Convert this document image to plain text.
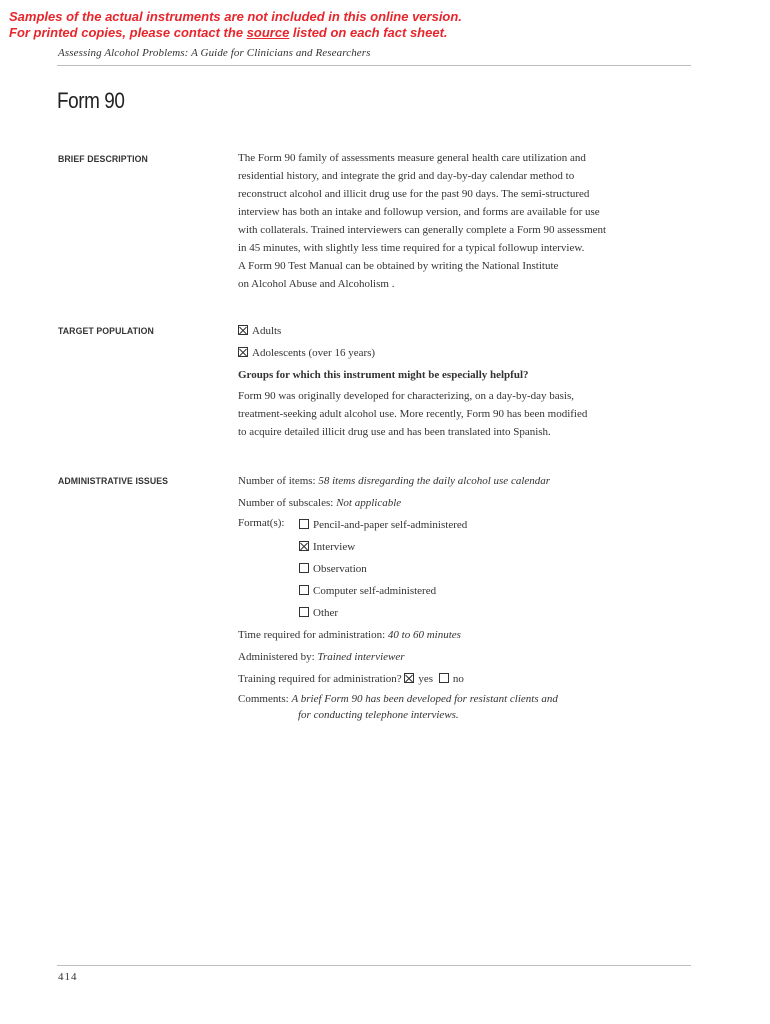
Samples of the actual instruments are not included in this online version.
For printed copies, please contact the source listed on each fact sheet.
Assessing Alcohol Problems: A Guide for Clinicians and Researchers
Form 90
BRIEF DESCRIPTION	The Form 90 family of assessments measure general health care utilization and
residential history, and integrate the grid and day-by-day calendar method to
reconstruct alcohol and illicit drug use for the past 90 days. The semi-structured
interview has both an intake and followup version, and forms are available for use
with collaterals. Trained interviewers can generally complete a Form 90 assessment
in 45 minutes, with slightly less time required for a typical followup interview.
A Form 90 Test Manual can be obtained by writing the National Institute
on Alcohol Abuse and Alcoholism .
TARGET POPULATION	Adults
Adolescents (over 16 years)
Groups for which this instrument might be especially helpful?
Form 90 was originally developed for characterizing, on a day-by-day basis,
treatment-seeking adult alcohol use. More recently, Form 90 has been modified
to acquire detailed illicit drug use and has been translated into Spanish.
ADMINISTRATIVE ISSUES	Number of items: 58 items disregarding the daily alcohol use calendar
Number of subscales: Not applicable
Format(s):	Pencil-and-paper self-administered
Interview
Observation
Computer self-administered
Other
Time required for administration: 40 to 60 minutes
Administered by: Trained interviewer
Training required for administration? yes no
Comments: A brief Form 90 has been developed for resistant clients and
for conducting telephone interviews.
414
